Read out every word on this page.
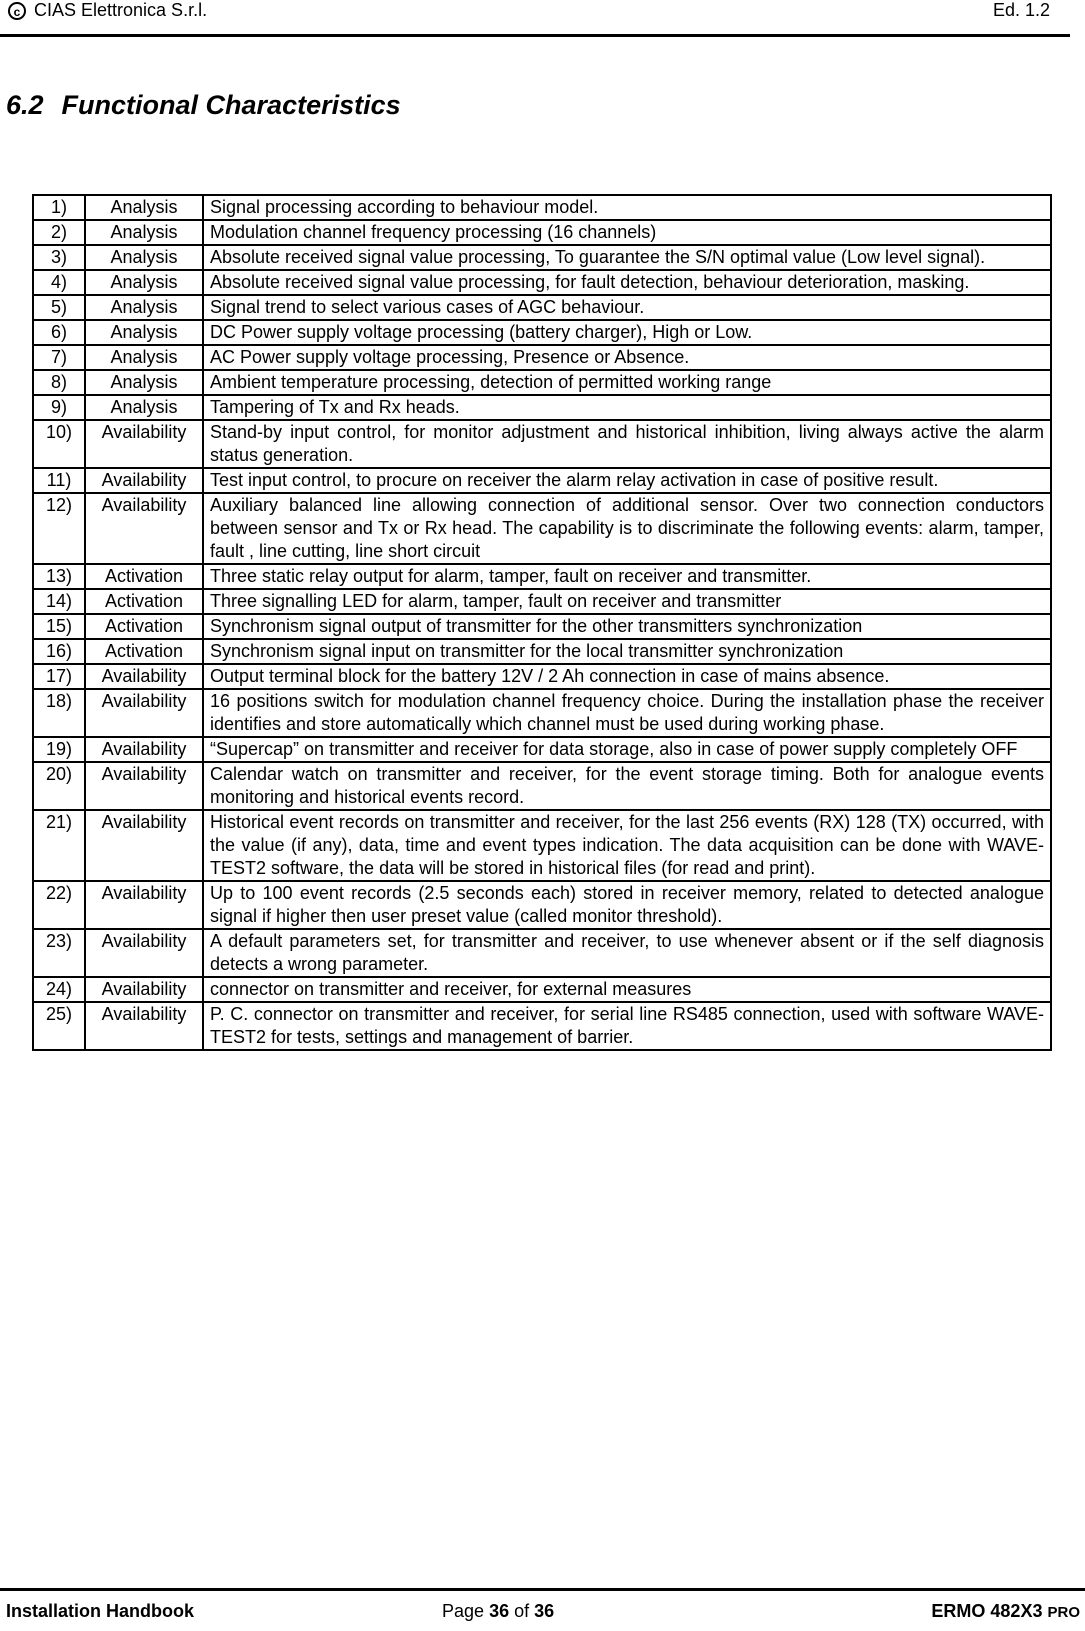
c CIAS Elettronica S.r.l.	Ed. 1.2
6.2 Functional Characteristics
1)	Analysis	Signal processing according to behaviour model.
2)	Analysis	Modulation channel frequency processing (16 channels)
3)	Analysis	Absolute received signal value processing, To guarantee the S/N optimal value (Low level signal).
4)	Analysis	Absolute received signal value processing, for fault detection, behaviour deterioration, masking.
5)	Analysis	Signal trend to select various cases of AGC behaviour.
6)	Analysis	DC Power supply voltage processing (battery charger), High or Low.
7)	Analysis	AC Power supply voltage processing, Presence or Absence.
8)	Analysis	Ambient temperature processing, detection of permitted working range
9)	Analysis	Tampering of Tx and Rx heads.
10)	Availability	Stand-by input control, for monitor adjustment and historical inhibition, living always active the alarm status generation.
11)	Availability	Test input control, to procure on receiver the alarm relay activation in case of positive result.
12)	Availability	Auxiliary balanced line allowing connection of additional sensor. Over two connection conductors between sensor and Tx or Rx head. The capability is to discriminate the following events: alarm, tamper, fault , line cutting, line short circuit
13)	Activation	Three static relay output for alarm, tamper, fault on receiver and transmitter.
14)	Activation	Three signalling LED for alarm, tamper, fault on receiver and transmitter
15)	Activation	Synchronism signal output of transmitter for the other transmitters synchronization
16)	Activation	Synchronism signal input on transmitter for the local transmitter synchronization
17)	Availability	Output terminal block for the battery 12V / 2 Ah connection in case of mains absence.
18)	Availability	16 positions switch for modulation channel frequency choice. During the installation phase the receiver identifies and store automatically which channel must be used during working phase.
19)	Availability	“Supercap” on transmitter and receiver for data storage, also in case of power supply completely OFF
20)	Availability	Calendar watch on transmitter and receiver, for the event storage timing. Both for analogue events monitoring and historical events record.
21)	Availability	Historical event records on transmitter and receiver, for the last 256 events (RX) 128 (TX) occurred, with the value (if any), data, time and event types indication. The data acquisition can be done with WAVE-TEST2 software, the data will be stored in historical files (for read and print).
22)	Availability	Up to 100 event records (2.5 seconds each) stored in receiver memory, related to detected analogue signal if higher then user preset value (called monitor threshold).
23)	Availability	A default parameters set, for transmitter and receiver, to use whenever absent or if the self diagnosis detects a wrong parameter.
24)	Availability	connector on transmitter and receiver, for external measures
25)	Availability	P. C. connector on transmitter and receiver, for serial line RS485 connection, used with software WAVE-TEST2 for tests, settings and management of barrier.
Installation Handbook	Page 36 of 36	ERMO 482X3 PRO
